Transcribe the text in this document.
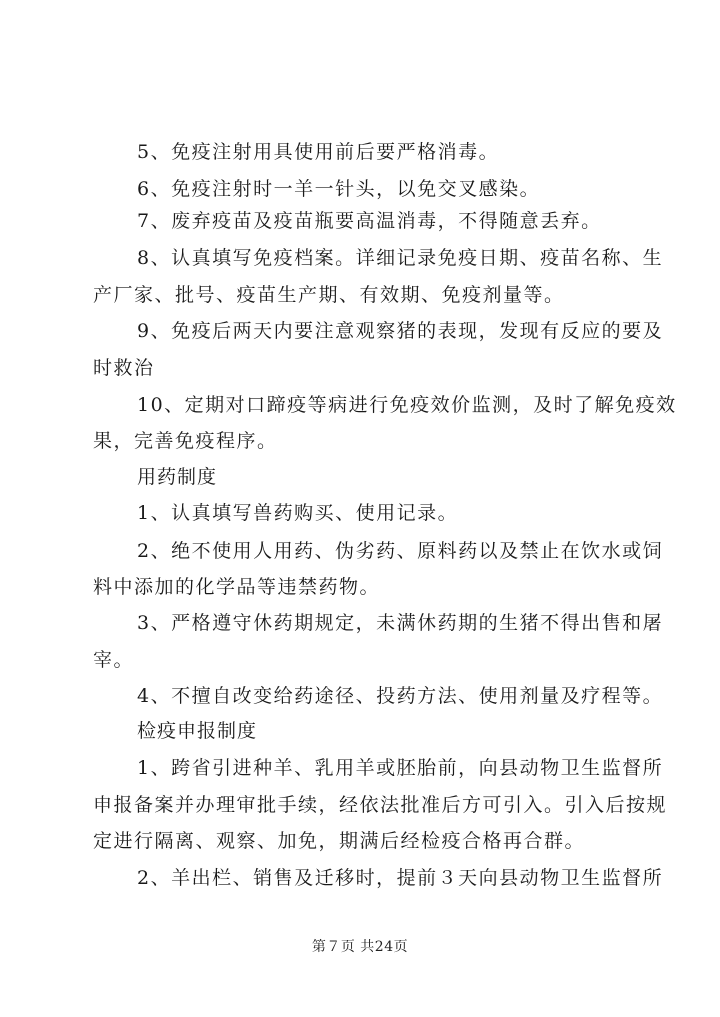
5、免疫注射用具使用前后要严格消毒。
6、免疫注射时一羊一针头，以免交叉感染。
7、废弃疫苗及疫苗瓶要高温消毒，不得随意丢弃。
8、认真填写免疫档案。详细记录免疫日期、疫苗名称、生
产厂家、批号、疫苗生产期、有效期、免疫剂量等。
9、免疫后两天内要注意观察猪的表现，发现有反应的要及
时救治
10、定期对口蹄疫等病进行免疫效价监测，及时了解免疫效
果，完善免疫程序。
用药制度
1、认真填写兽药购买、使用记录。
2、绝不使用人用药、伪劣药、原料药以及禁止在饮水或饲
料中添加的化学品等违禁药物。
3、严格遵守休药期规定，未满休药期的生猪不得出售和屠
宰。
4、不擅自改变给药途径、投药方法、使用剂量及疗程等。
检疫申报制度
1、跨省引进种羊、乳用羊或胚胎前，向县动物卫生监督所
申报备案并办理审批手续，经依法批准后方可引入。引入后按规
定进行隔离、观察、加免，期满后经检疫合格再合群。
2、羊出栏、销售及迁移时，提前３天向县动物卫生监督所
第７页 共24页
